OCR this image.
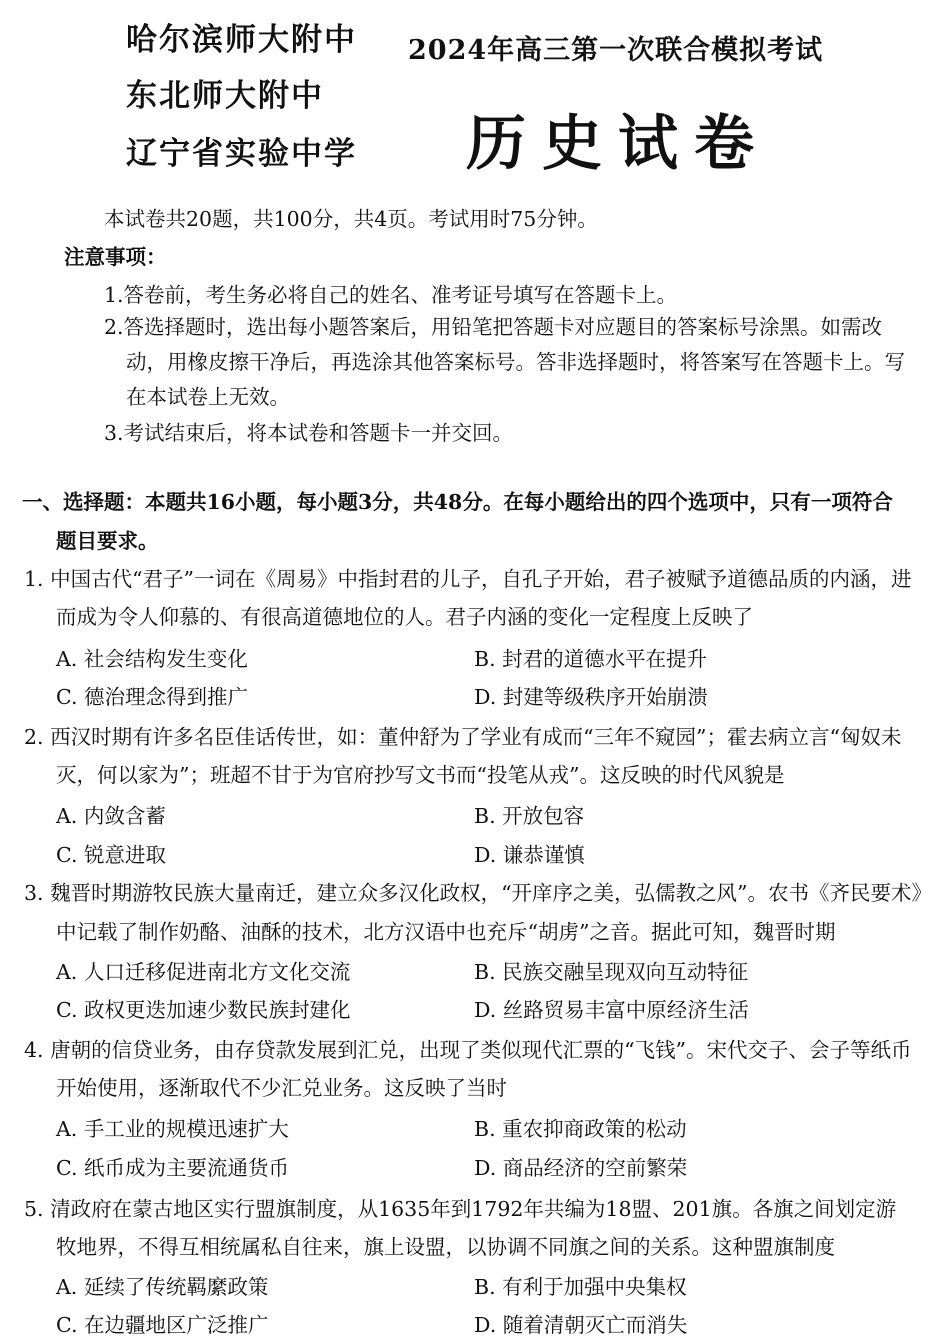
哈尔滨师大附中
东北师大附中
辽宁省实验中学
2024年高三第一次联合模拟考试
历史试卷
本试卷共20题，共100分，共4页。考试用时75分钟。
注意事项：
1.答卷前，考生务必将自己的姓名、准考证号填写在答题卡上。
2.答选择题时，选出每小题答案后，用铅笔把答题卡对应题目的答案标号涂黑。如需改
动，用橡皮擦干净后，再选涂其他答案标号。答非选择题时，将答案写在答题卡上。写
在本试卷上无效。
3.考试结束后，将本试卷和答题卡一并交回。
一、选择题：本题共16小题，每小题3分，共48分。在每小题给出的四个选项中，只有一项符合
题目要求。
1. 中国古代“君子”一词在《周易》中指封君的儿子，自孔子开始，君子被赋予道德品质的内涵，进
而成为令人仰慕的、有很高道德地位的人。君子内涵的变化一定程度上反映了
A. 社会结构发生变化	B. 封君的道德水平在提升
C. 德治理念得到推广	D. 封建等级秩序开始崩溃
2. 西汉时期有许多名臣佳话传世，如：董仲舒为了学业有成而“三年不窥园”；霍去病立言“匈奴未
灭，何以家为”；班超不甘于为官府抄写文书而“投笔从戎”。这反映的时代风貌是
A. 内敛含蓄	B. 开放包容
C. 锐意进取	D. 谦恭谨慎
3. 魏晋时期游牧民族大量南迁，建立众多汉化政权，“开庠序之美，弘儒教之风”。农书《齐民要术》
中记载了制作奶酪、油酥的技术，北方汉语中也充斥“胡虏”之音。据此可知，魏晋时期
A. 人口迁移促进南北方文化交流	B. 民族交融呈现双向互动特征
C. 政权更迭加速少数民族封建化	D. 丝路贸易丰富中原经济生活
4. 唐朝的信贷业务，由存贷款发展到汇兑，出现了类似现代汇票的“飞钱”。宋代交子、会子等纸币
开始使用，逐渐取代不少汇兑业务。这反映了当时
A. 手工业的规模迅速扩大	B. 重农抑商政策的松动
C. 纸币成为主要流通货币	D. 商品经济的空前繁荣
5. 清政府在蒙古地区实行盟旗制度，从1635年到1792年共编为18盟、201旗。各旗之间划定游
牧地界，不得互相统属私自往来，旗上设盟，以协调不同旗之间的关系。这种盟旗制度
A. 延续了传统羁縻政策	B. 有利于加强中央集权
C. 在边疆地区广泛推广	D. 随着清朝灭亡而消失
